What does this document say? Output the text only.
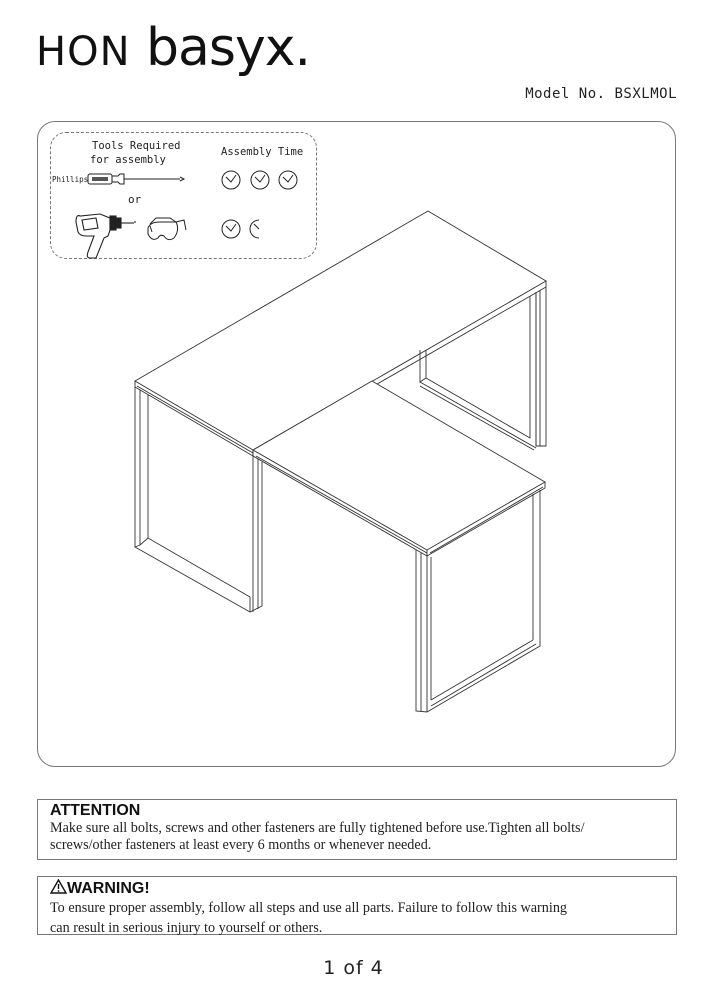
HON basyx.
Model No. BSXLMOL
Tools Required
for assembly
Assembly Time
Phillips
or
ATTENTION

Make sure all bolts, screws and other fasteners are fully tightened before use.Tighten all bolts/

screws/other fasteners at least every 6 months or whenever needed.

WARNING!

To ensure proper assembly, follow all steps and use all parts. Failure to follow this warning

can result in serious injury to yourself or others.

1 of 4
